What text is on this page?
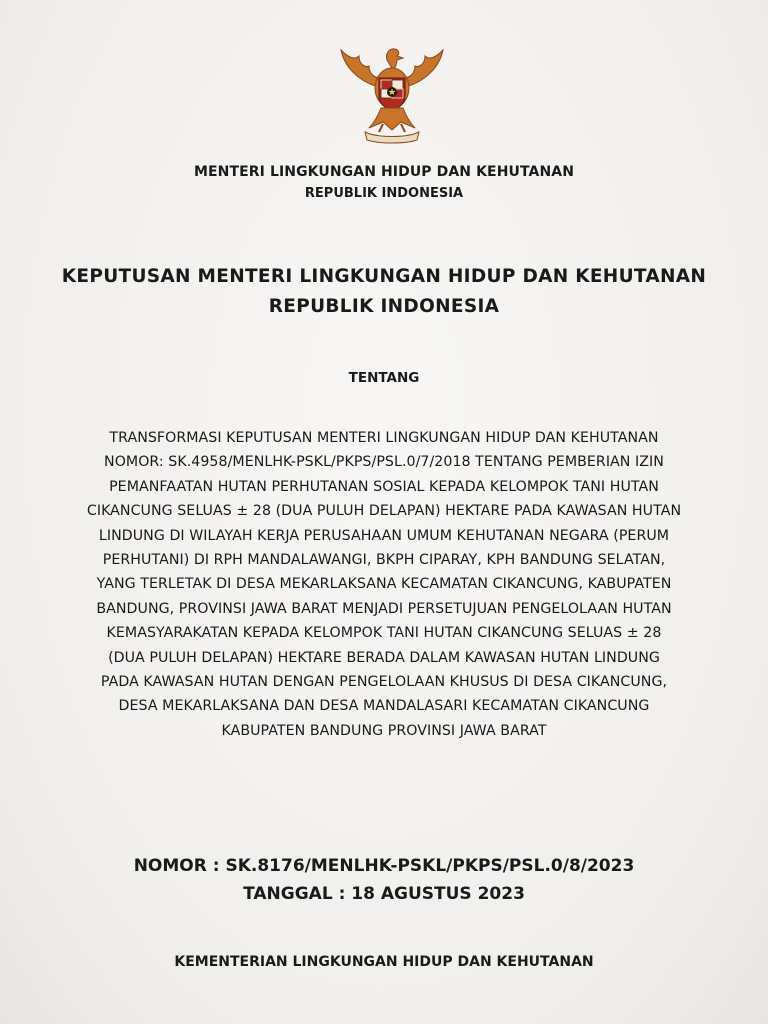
MENTERI LINGKUNGAN HIDUP DAN KEHUTANAN
REPUBLIK INDONESIA
KEPUTUSAN MENTERI LINGKUNGAN HIDUP DAN KEHUTANAN
REPUBLIK INDONESIA
TENTANG
TRANSFORMASI KEPUTUSAN MENTERI LINGKUNGAN HIDUP DAN KEHUTANAN
NOMOR: SK.4958/MENLHK-PSKL/PKPS/PSL.0/7/2018 TENTANG PEMBERIAN IZIN
PEMANFAATAN HUTAN PERHUTANAN SOSIAL KEPADA KELOMPOK TANI HUTAN
CIKANCUNG SELUAS ± 28 (DUA PULUH DELAPAN) HEKTARE PADA KAWASAN HUTAN
LINDUNG DI WILAYAH KERJA PERUSAHAAN UMUM KEHUTANAN NEGARA (PERUM
PERHUTANI) DI RPH MANDALAWANGI, BKPH CIPARAY, KPH BANDUNG SELATAN,
YANG TERLETAK DI DESA MEKARLAKSANA KECAMATAN CIKANCUNG, KABUPATEN
BANDUNG, PROVINSI JAWA BARAT MENJADI PERSETUJUAN PENGELOLAAN HUTAN
KEMASYARAKATAN KEPADA KELOMPOK TANI HUTAN CIKANCUNG SELUAS ± 28
(DUA PULUH DELAPAN) HEKTARE BERADA DALAM KAWASAN HUTAN LINDUNG
PADA KAWASAN HUTAN DENGAN PENGELOLAAN KHUSUS DI DESA CIKANCUNG,
DESA MEKARLAKSANA DAN DESA MANDALASARI KECAMATAN CIKANCUNG
KABUPATEN BANDUNG PROVINSI JAWA BARAT
NOMOR : SK.8176/MENLHK-PSKL/PKPS/PSL.0/8/2023
TANGGAL : 18 AGUSTUS 2023
KEMENTERIAN LINGKUNGAN HIDUP DAN KEHUTANAN
